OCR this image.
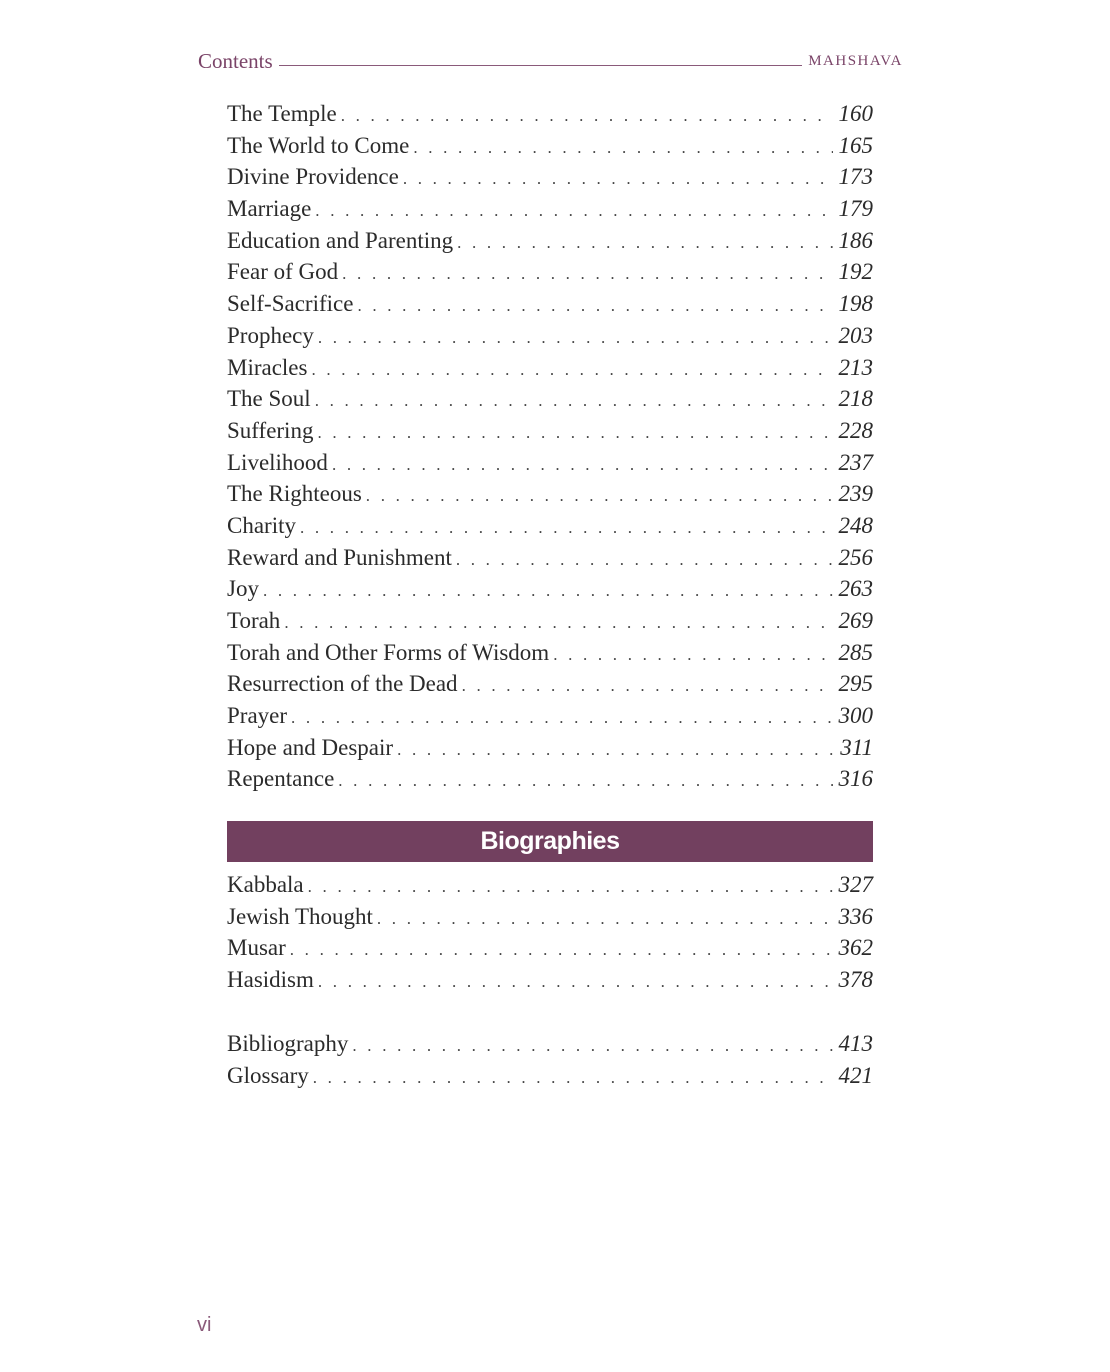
Contents	MAHSHAVA
The Temple . . .	160
The World to Come . . .	165
Divine Providence . . .	173
Marriage . . .	179
Education and Parenting . . .	186
Fear of God . . .	192
Self-Sacrifice . . .	198
Prophecy . . .	203
Miracles . . .	213
The Soul . . .	218
Suffering . . .	228
Livelihood . . .	237
The Righteous . . .	239
Charity . . .	248
Reward and Punishment . . .	256
Joy . . .	263
Torah . . .	269
Torah and Other Forms of Wisdom . . .	285
Resurrection of the Dead . . .	295
Prayer . . .	300
Hope and Despair . . .	311
Repentance . . .	316
Biographies
Kabbala . . .	327
Jewish Thought . . .	336
Musar . . .	362
Hasidism . . .	378
Bibliography . . .	413
Glossary . . .	421
vi
